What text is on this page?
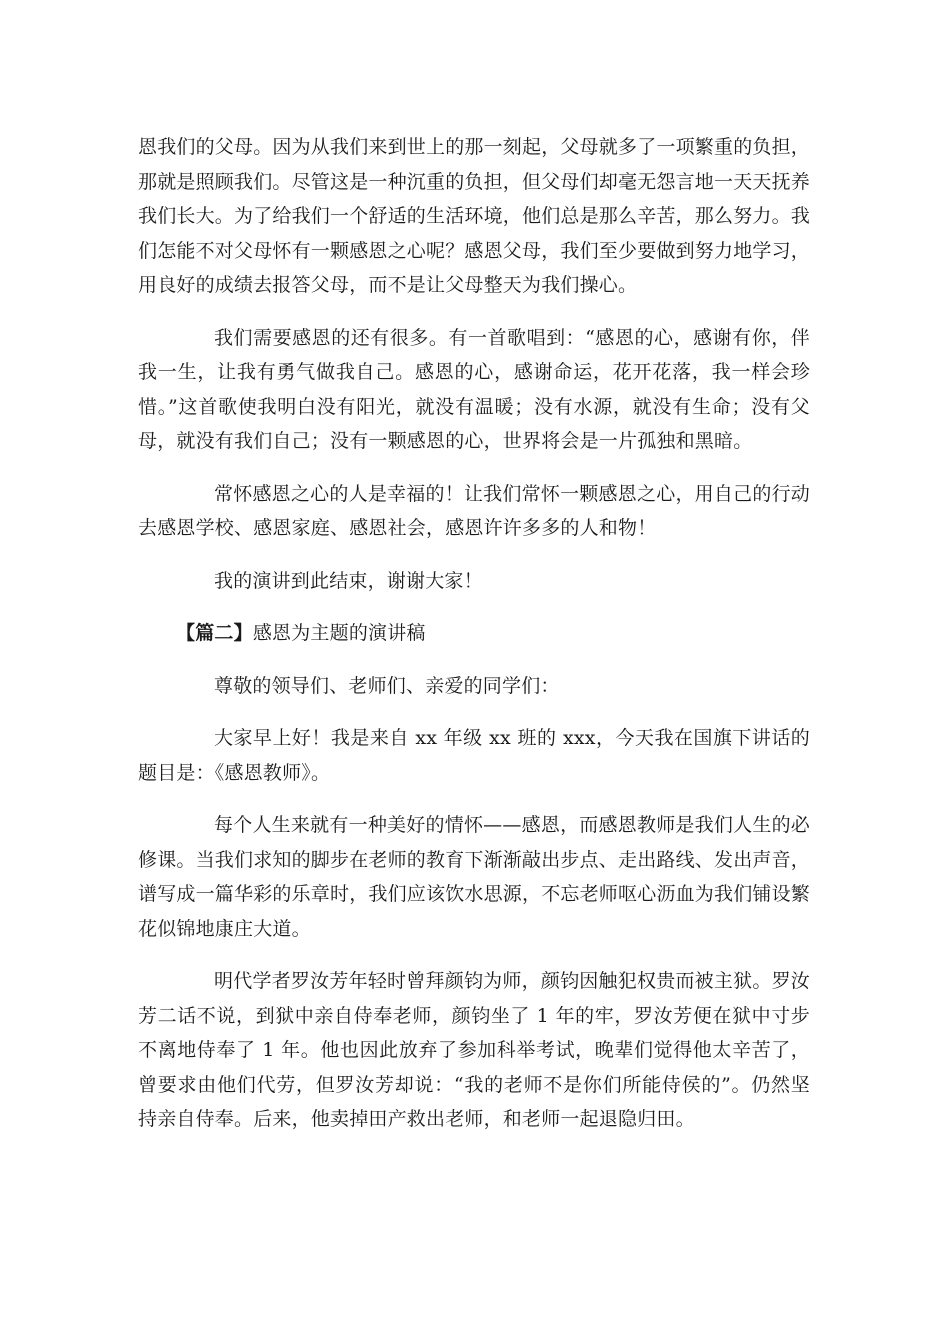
恩我们的父母。因为从我们来到世上的那一刻起，父母就多了一项繁重的负担，那就是照顾我们。尽管这是一种沉重的负担，但父母们却毫无怨言地一天天抚养我们长大。为了给我们一个舒适的生活环境，他们总是那么辛苦，那么努力。我们怎能不对父母怀有一颗感恩之心呢？感恩父母，我们至少要做到努力地学习，用良好的成绩去报答父母，而不是让父母整天为我们操心。

我们需要感恩的还有很多。有一首歌唱到：“感恩的心，感谢有你，伴我一生，让我有勇气做我自己。感恩的心，感谢命运，花开花落，我一样会珍惜。”这首歌使我明白没有阳光，就没有温暖；没有水源，就没有生命；没有父母，就没有我们自己；没有一颗感恩的心，世界将会是一片孤独和黑暗。

常怀感恩之心的人是幸福的！让我们常怀一颗感恩之心，用自己的行动去感恩学校、感恩家庭、感恩社会，感恩许许多多的人和物！

我的演讲到此结束，谢谢大家！

【篇二】感恩为主题的演讲稿

尊敬的领导们、老师们、亲爱的同学们：

大家早上好！我是来自 xx 年级 xx 班的 xxx，今天我在国旗下讲话的题目是：《感恩教师》。

每个人生来就有一种美好的情怀——感恩，而感恩教师是我们人生的必修课。当我们求知的脚步在老师的教育下渐渐敲出步点、走出路线、发出声音，谱写成一篇华彩的乐章时，我们应该饮水思源，不忘老师呕心沥血为我们铺设繁花似锦地康庄大道。

明代学者罗汝芳年轻时曾拜颜钧为师，颜钧因触犯权贵而被主狱。罗汝芳二话不说，到狱中亲自侍奉老师，颜钧坐了 1 年的牢，罗汝芳便在狱中寸步不离地侍奉了 1 年。他也因此放弃了参加科举考试，晚辈们觉得他太辛苦了，曾要求由他们代劳，但罗汝芳却说：“我的老师不是你们所能侍侯的”。仍然坚持亲自侍奉。后来，他卖掉田产救出老师，和老师一起退隐归田。
